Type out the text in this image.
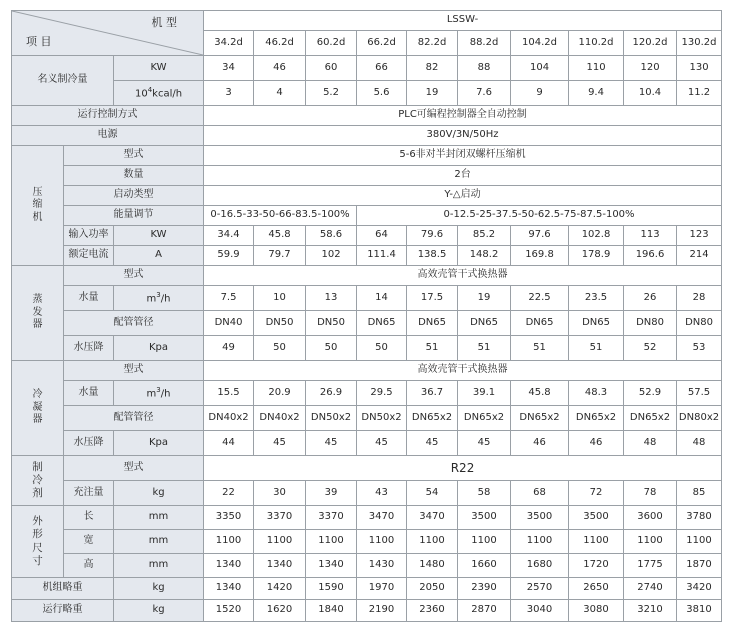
机 型
项 目			LSSW-									
			34.2d	46.2d	60.2d	66.2d	82.2d	88.2d	104.2d	110.2d	120.2d	130.2d
名义制冷量		KW	34	46	60	66	82	88	104	110	120	130
		$10^4kcal/h$	3	4	5.2	5.6	19	7.6	9	9.4	10.4	11.2
运行控制方式			PLC可编程控制器全自动控制									
电源			380V/3N/50Hz									

压
缩
机	型式		5-6非对半封闭双螺杆压缩机									
	数量		2台									
	启动类型		Y-△启动									
	能量调节		0-16.5-33-50-66-83.5-100%			0-12.5-25-37.5-50-62.5-75-87.5-100%						
	输入功率	KW	34.4	45.8	58.6	64	79.6	85.2	97.6	102.8	113	123
	额定电流	A	59.9	79.7	102	111.4	138.5	148.2	169.8	178.9	196.6	214

蒸
发
器	型式		高效壳管干式换热器									
	水量	$m^3/h$	7.5	10	13	14	17.5	19	22.5	23.5	26	28
	配管管径		DN40	DN50	DN50	DN65	DN65	DN65	DN65	DN65	DN80	DN80
	水压降	Kpa	49	50	50	50	51	51	51	51	52	53

冷
凝
器	型式		高效壳管干式换热器									
	水量	$m^3/h$	15.5	20.9	26.9	29.5	36.7	39.1	45.8	48.3	52.9	57.5
	配管管径		DN40x2	DN40x2	DN50x2	DN50x2	DN65x2	DN65x2	DN65x2	DN65x2	DN65x2	DN80x2
	水压降	Kpa	44	45	45	45	45	45	46	46	48	48

制
冷
剂	型式		R22									
	充注量	kg	22	30	39	43	54	58	68	72	78	85

外
形
尺
寸	长	mm	3350	3370	3370	3470	3470	3500	3500	3500	3600	3780
	宽	mm	1100	1100	1100	1100	1100	1100	1100	1100	1100	1100
	高	mm	1340	1340	1340	1430	1480	1660	1680	1720	1775	1870
机组略重		kg	1340	1420	1590	1970	2050	2390	2570	2650	2740	3420
运行略重		kg	1520	1620	1840	2190	2360	2870	3040	3080	3210	3810
